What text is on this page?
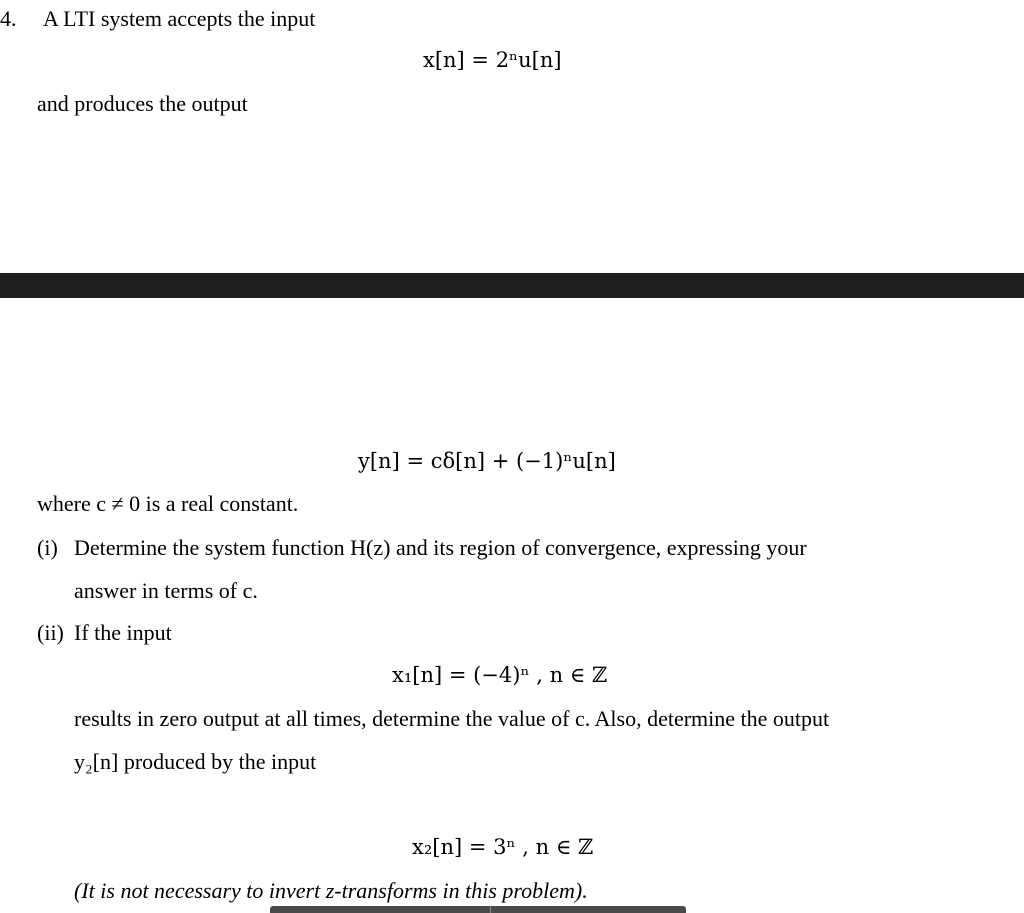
4. A LTI system accepts the input
x[n] = 2ⁿu[n]
and produces the output
y[n] = cδ[n] + (−1)ⁿu[n]
where c ≠ 0 is a real constant.
(i) Determine the system function H(z) and its region of convergence, expressing your
answer in terms of c.
(ii) If the input
x₁[n] = (−4)ⁿ , n ∈ ℤ
results in zero output at all times, determine the value of c. Also, determine the output
y₂[n] produced by the input
x₂[n] = 3ⁿ , n ∈ ℤ
(It is not necessary to invert z-transforms in this problem).
